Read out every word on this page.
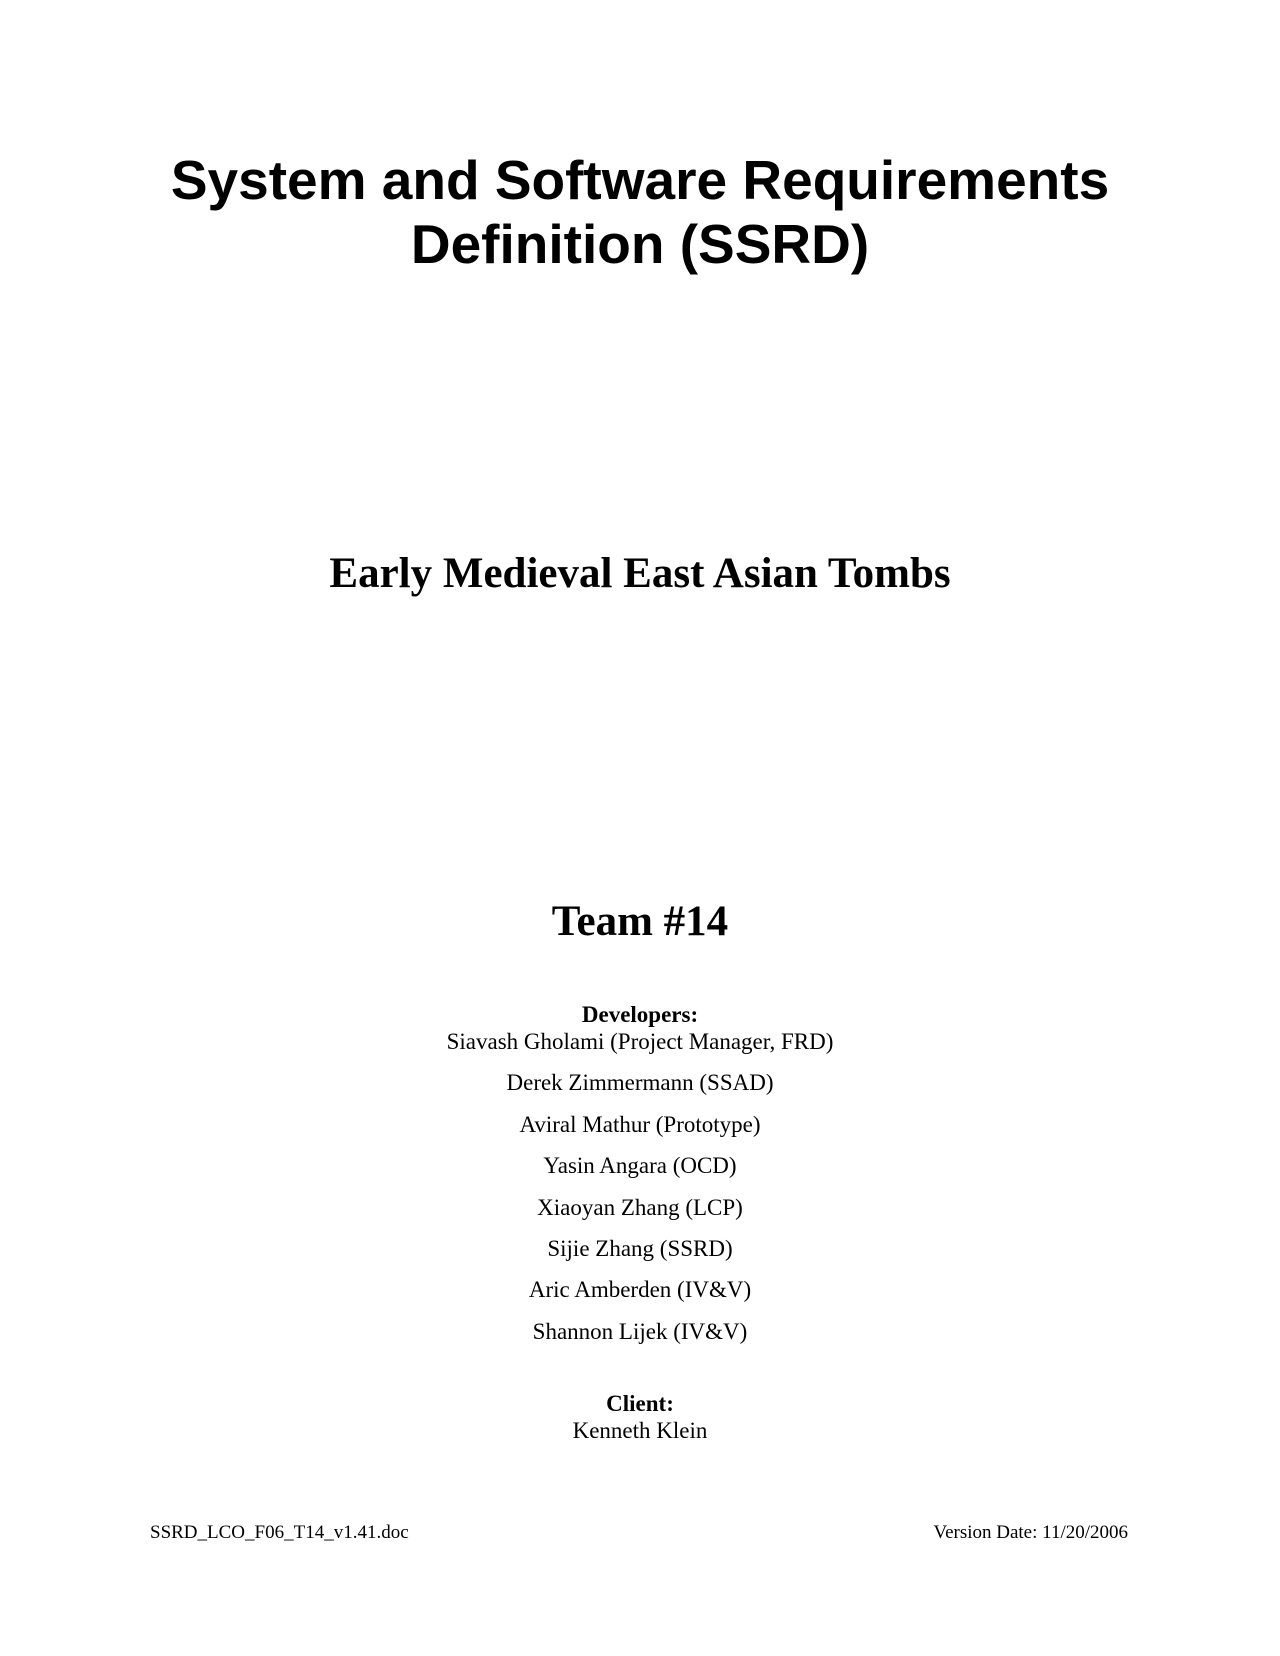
System and Software Requirements
Definition (SSRD)
Early Medieval East Asian Tombs
Team #14
Developers:
Siavash Gholami (Project Manager, FRD)
Derek Zimmermann (SSAD)
Aviral Mathur (Prototype)
Yasin Angara (OCD)
Xiaoyan Zhang (LCP)
Sijie Zhang (SSRD)
Aric Amberden (IV&V)
Shannon Lijek (IV&V)
Client:
Kenneth Klein
SSRD_LCO_F06_T14_v1.41.doc	Version Date: 11/20/2006
